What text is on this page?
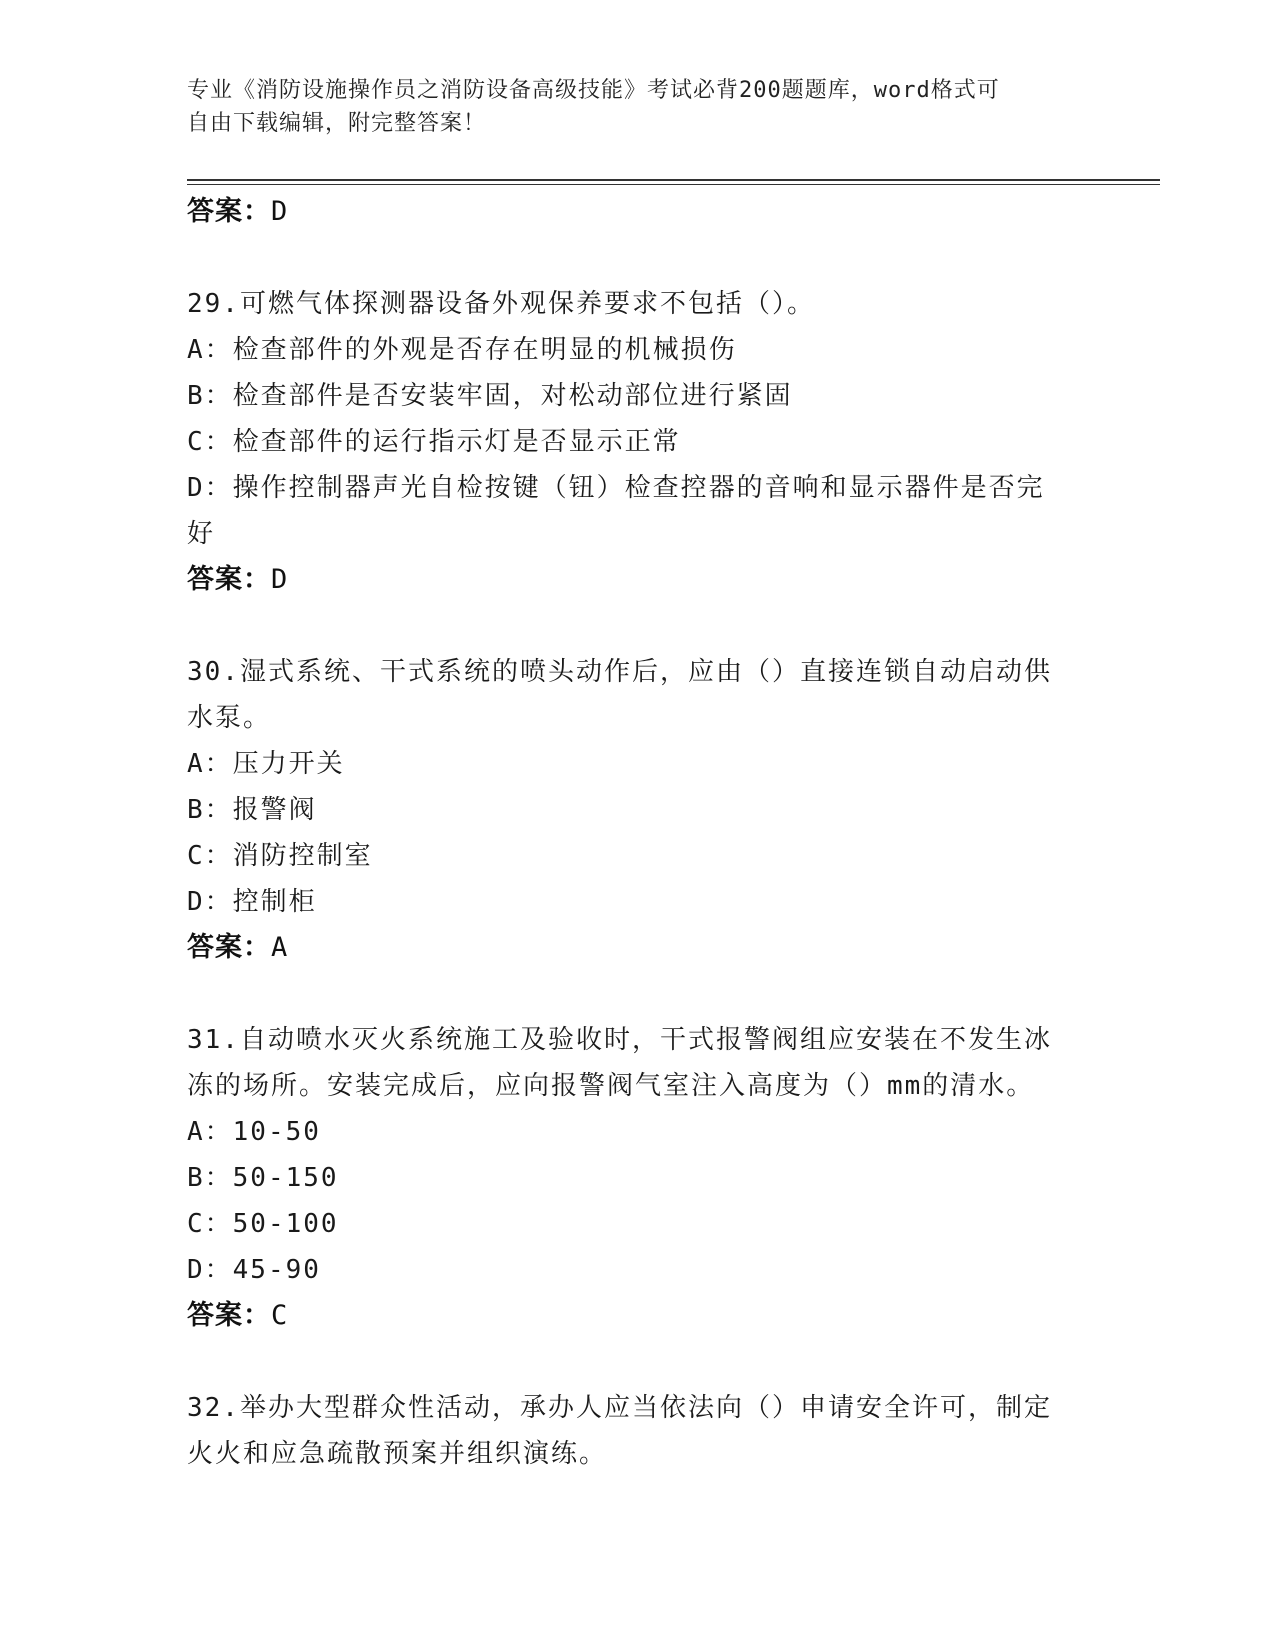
专业《消防设施操作员之消防设备高级技能》考试必背200题题库，word格式可
自由下载编辑，附完整答案！
答案：D
29.可燃气体探测器设备外观保养要求不包括（）。
A：检查部件的外观是否存在明显的机械损伤
B：检查部件是否安装牢固，对松动部位进行紧固
C：检查部件的运行指示灯是否显示正常
D：操作控制器声光自检按键（钮）检查控器的音响和显示器件是否完
好
答案：D
30.湿式系统、干式系统的喷头动作后，应由（）直接连锁自动启动供
水泵。
A：压力开关
B：报警阀
C：消防控制室
D：控制柜
答案：A
31.自动喷水灭火系统施工及验收时，干式报警阀组应安装在不发生冰
冻的场所。安装完成后，应向报警阀气室注入高度为（）mm的清水。
A：10-50
B：50-150
C：50-100
D：45-90
答案：C
32.举办大型群众性活动，承办人应当依法向（）申请安全许可，制定
火火和应急疏散预案并组织演练。
